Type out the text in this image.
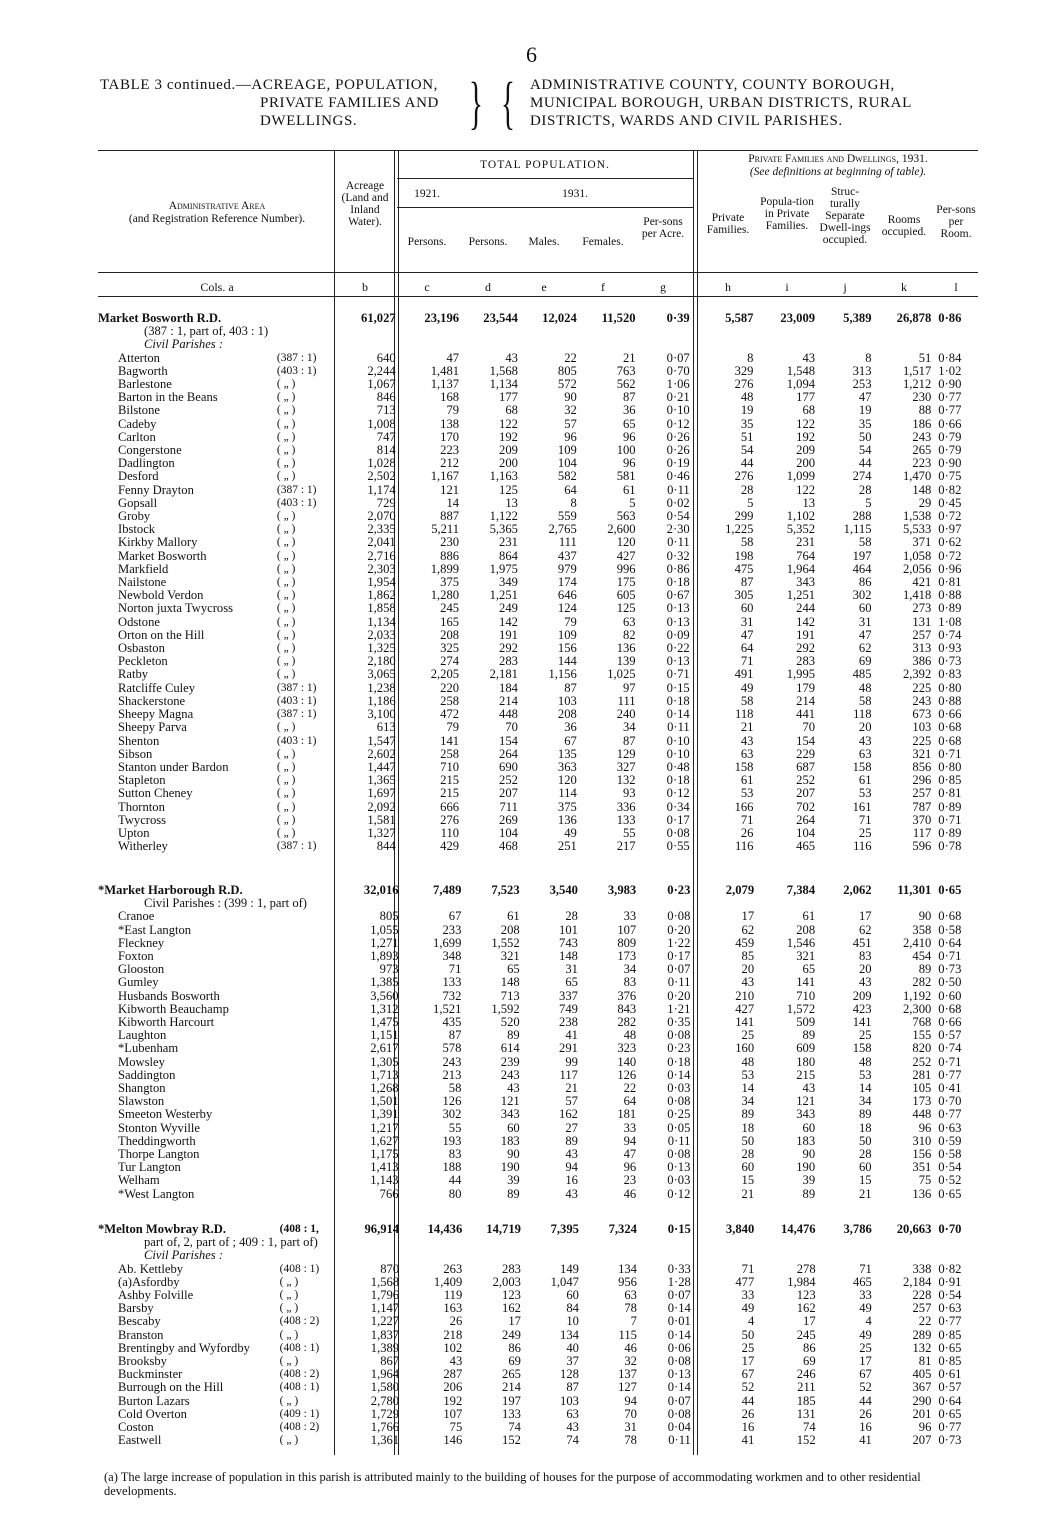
6
TABLE 3 continued.—ACREAGE, POPULATION,
PRIVATE FAMILIES AND
DWELLINGS.	} { ADMINISTRATIVE COUNTY, COUNTY BOROUGH,
MUNICIPAL BOROUGH, URBAN DISTRICTS, RURAL
DISTRICTS, WARDS AND CIVIL PARISHES.
Administrative Area
(and Registration Reference Number).
Acreage (Land and Inland Water).
TOTAL POPULATION.
1921.	1931.
Persons.	Persons.	Males.	Females.
Per-sons per Acre.
Private Families and Dwellings, 1931.
(See definitions at beginning of table).
Private Families.
Popula-tion in Private Families.
Struc-turally Separate Dwell-ings occupied.
Rooms occupied.
Per-sons per Room.
Cols. a	b	c	d	e	f	g	h	i	j	k	l
(a) The large increase of population in this parish is attributed mainly to the building of houses for the purpose of accommodating workmen and to other residential developments.
Market Bosworth R.D.		61,027	23,196	23,544	12,024	11,520	0·39	5,587	23,009	5,389	26,878	0·86
(387 : 1, part of, 403 : 1)												
Civil Parishes :												
Atterton	(387 : 1)	640	47	43	22	21	0·07	8	43	8	51	0·84
Bagworth	(403 : 1)	2,244	1,481	1,568	805	763	0·70	329	1,548	313	1,517	1·02
Barlestone	( „ )	1,067	1,137	1,134	572	562	1·06	276	1,094	253	1,212	0·90
Barton in the Beans	( „ )	846	168	177	90	87	0·21	48	177	47	230	0·77
Bilstone	( „ )	713	79	68	32	36	0·10	19	68	19	88	0·77
Cadeby	( „ )	1,008	138	122	57	65	0·12	35	122	35	186	0·66
Carlton	( „ )	747	170	192	96	96	0·26	51	192	50	243	0·79
Congerstone	( „ )	814	223	209	109	100	0·26	54	209	54	265	0·79
Dadlington	( „ )	1,028	212	200	104	96	0·19	44	200	44	223	0·90
Desford	( „ )	2,502	1,167	1,163	582	581	0·46	276	1,099	274	1,470	0·75
Fenny Drayton	(387 : 1)	1,174	121	125	64	61	0·11	28	122	28	148	0·82
Gopsall	(403 : 1)	729	14	13	8	5	0·02	5	13	5	29	0·45
Groby	( „ )	2,070	887	1,122	559	563	0·54	299	1,102	288	1,538	0·72
Ibstock	( „ )	2,335	5,211	5,365	2,765	2,600	2·30	1,225	5,352	1,115	5,533	0·97
Kirkby Mallory	( „ )	2,041	230	231	111	120	0·11	58	231	58	371	0·62
Market Bosworth	( „ )	2,716	886	864	437	427	0·32	198	764	197	1,058	0·72
Markfield	( „ )	2,303	1,899	1,975	979	996	0·86	475	1,964	464	2,056	0·96
Nailstone	( „ )	1,954	375	349	174	175	0·18	87	343	86	421	0·81
Newbold Verdon	( „ )	1,862	1,280	1,251	646	605	0·67	305	1,251	302	1,418	0·88
Norton juxta Twycross	( „ )	1,858	245	249	124	125	0·13	60	244	60	273	0·89
Odstone	( „ )	1,134	165	142	79	63	0·13	31	142	31	131	1·08
Orton on the Hill	( „ )	2,033	208	191	109	82	0·09	47	191	47	257	0·74
Osbaston	( „ )	1,325	325	292	156	136	0·22	64	292	62	313	0·93
Peckleton	( „ )	2,180	274	283	144	139	0·13	71	283	69	386	0·73
Ratby	( „ )	3,065	2,205	2,181	1,156	1,025	0·71	491	1,995	485	2,392	0·83
Ratcliffe Culey	(387 : 1)	1,238	220	184	87	97	0·15	49	179	48	225	0·80
Shackerstone	(403 : 1)	1,186	258	214	103	111	0·18	58	214	58	243	0·88
Sheepy Magna	(387 : 1)	3,100	472	448	208	240	0·14	118	441	118	673	0·66
Sheepy Parva	( „ )	613	79	70	36	34	0·11	21	70	20	103	0·68
Shenton	(403 : 1)	1,547	141	154	67	87	0·10	43	154	43	225	0·68
Sibson	( „ )	2,602	258	264	135	129	0·10	63	229	63	321	0·71
Stanton under Bardon	( „ )	1,447	710	690	363	327	0·48	158	687	158	856	0·80
Stapleton	( „ )	1,365	215	252	120	132	0·18	61	252	61	296	0·85
Sutton Cheney	( „ )	1,697	215	207	114	93	0·12	53	207	53	257	0·81
Thornton	( „ )	2,092	666	711	375	336	0·34	166	702	161	787	0·89
Twycross	( „ )	1,581	276	269	136	133	0·17	71	264	71	370	0·71
Upton	( „ )	1,327	110	104	49	55	0·08	26	104	25	117	0·89
Witherley	(387 : 1)	844	429	468	251	217	0·55	116	465	116	596	0·78
*Market Harborough R.D.		32,016	7,489	7,523	3,540	3,983	0·23	2,079	7,384	2,062	11,301	0·65
Civil Parishes : (399 : 1, part of)												
Cranoe		805	67	61	28	33	0·08	17	61	17	90	0·68
*East Langton		1,055	233	208	101	107	0·20	62	208	62	358	0·58
Fleckney		1,271	1,699	1,552	743	809	1·22	459	1,546	451	2,410	0·64
Foxton		1,893	348	321	148	173	0·17	85	321	83	454	0·71
Glooston		973	71	65	31	34	0·07	20	65	20	89	0·73
Gumley		1,385	133	148	65	83	0·11	43	141	43	282	0·50
Husbands Bosworth		3,560	732	713	337	376	0·20	210	710	209	1,192	0·60
Kibworth Beauchamp		1,312	1,521	1,592	749	843	1·21	427	1,572	423	2,300	0·68
Kibworth Harcourt		1,475	435	520	238	282	0·35	141	509	141	768	0·66
Laughton		1,151	87	89	41	48	0·08	25	89	25	155	0·57
*Lubenham		2,617	578	614	291	323	0·23	160	609	158	820	0·74
Mowsley		1,305	243	239	99	140	0·18	48	180	48	252	0·71
Saddington		1,713	213	243	117	126	0·14	53	215	53	281	0·77
Shangton		1,268	58	43	21	22	0·03	14	43	14	105	0·41
Slawston		1,501	126	121	57	64	0·08	34	121	34	173	0·70
Smeeton Westerby		1,391	302	343	162	181	0·25	89	343	89	448	0·77
Stonton Wyville		1,217	55	60	27	33	0·05	18	60	18	96	0·63
Theddingworth		1,627	193	183	89	94	0·11	50	183	50	310	0·59
Thorpe Langton		1,175	83	90	43	47	0·08	28	90	28	156	0·58
Tur Langton		1,413	188	190	94	96	0·13	60	190	60	351	0·54
Welham		1,143	44	39	16	23	0·03	15	39	15	75	0·52
*West Langton		766	80	89	43	46	0·12	21	89	21	136	0·65
*Melton Mowbray R.D.	(408 : 1,	96,914	14,436	14,719	7,395	7,324	0·15	3,840	14,476	3,786	20,663	0·70
part of, 2, part of ; 409 : 1, part of)												
Civil Parishes :												
Ab. Kettleby	(408 : 1)	870	263	283	149	134	0·33	71	278	71	338	0·82
(a)Asfordby	( „ )	1,568	1,409	2,003	1,047	956	1·28	477	1,984	465	2,184	0·91
Ashby Folville	( „ )	1,796	119	123	60	63	0·07	33	123	33	228	0·54
Barsby	( „ )	1,147	163	162	84	78	0·14	49	162	49	257	0·63
Bescaby	(408 : 2)	1,227	26	17	10	7	0·01	4	17	4	22	0·77
Branston	( „ )	1,837	218	249	134	115	0·14	50	245	49	289	0·85
Brentingby and Wyfordby	(408 : 1)	1,389	102	86	40	46	0·06	25	86	25	132	0·65
Brooksby	( „ )	867	43	69	37	32	0·08	17	69	17	81	0·85
Buckminster	(408 : 2)	1,964	287	265	128	137	0·13	67	246	67	405	0·61
Burrough on the Hill	(408 : 1)	1,580	206	214	87	127	0·14	52	211	52	367	0·57
Burton Lazars	( „ )	2,780	192	197	103	94	0·07	44	185	44	290	0·64
Cold Overton	(409 : 1)	1,729	107	133	63	70	0·08	26	131	26	201	0·65
Coston	(408 : 2)	1,766	75	74	43	31	0·04	16	74	16	96	0·77
Eastwell	( „ )	1,361	146	152	74	78	0·11	41	152	41	207	0·73
